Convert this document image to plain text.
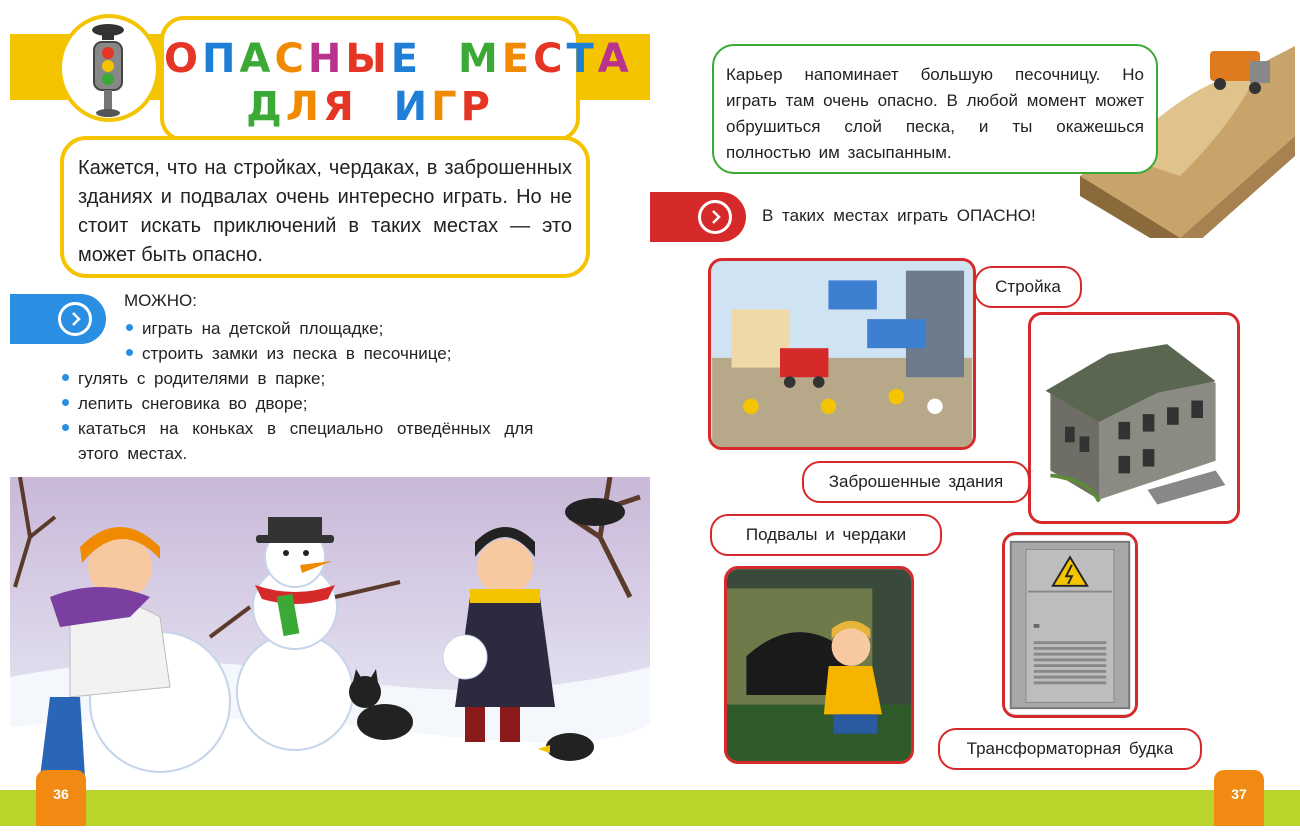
ОПАСНЫЕ МЕСТА
ДЛЯ ИГР

Кажется, что на стройках, чердаках, в заброшенных зданиях и подвалах очень интересно играть. Но не стоит искать приключений в таких местах — это может быть опасно.

МОЖНО:
играть на детской площадке;
строить замки из песка в песочнице;
гулять с родителями в парке;
лепить снеговика во дворе;
кататься на коньках в специально отведённых для
этого местах.

Карьер напоминает большую песочницу. Но играть там очень опасно. В любой момент может обрушиться слой песка, и ты окажешься полностью им засыпанным.

В таких местах играть ОПАСНО!
Стройка
Заброшенные здания
Подвалы и чердаки
Трансформаторная будка
36	37
